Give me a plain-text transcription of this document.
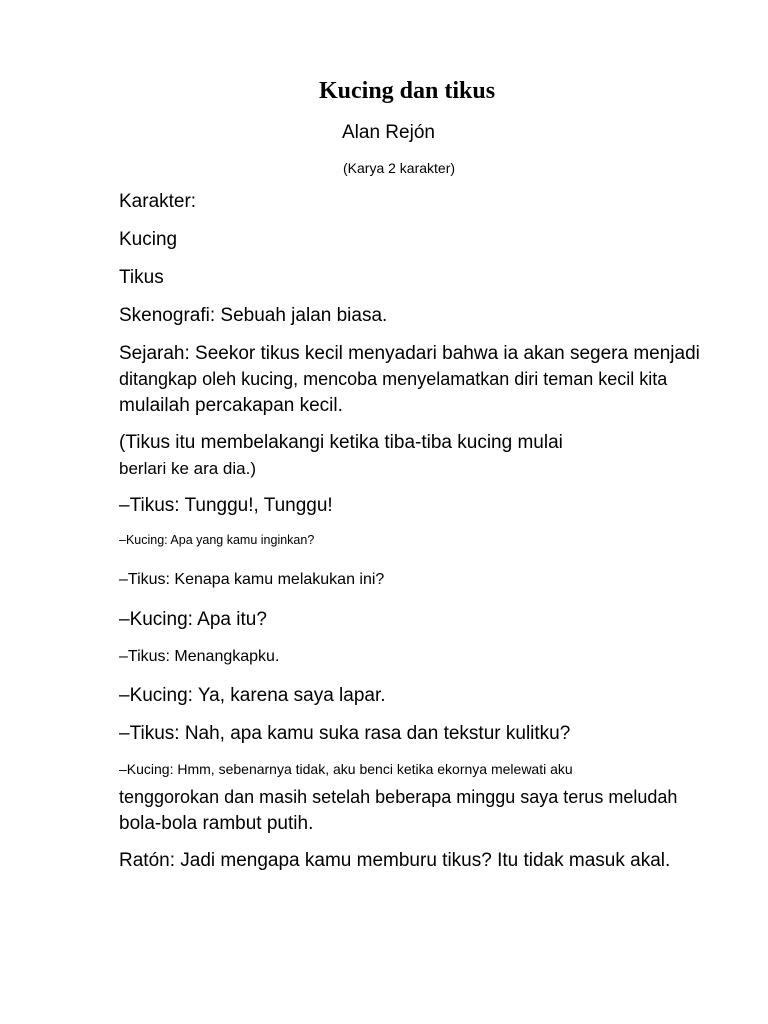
Kucing dan tikus

Alan Rejón

(Karya 2 karakter)

Karakter:

Kucing

Tikus

Skenografi: Sebuah jalan biasa.

Sejarah: Seekor tikus kecil menyadari bahwa ia akan segera menjadi

ditangkap oleh kucing, mencoba menyelamatkan diri teman kecil kita

mulailah percakapan kecil.

(Tikus itu membelakangi ketika tiba-tiba kucing mulai

berlari ke ara dia.)

–Tikus: Tunggu!, Tunggu!

–Kucing: Apa yang kamu inginkan?

–Tikus: Kenapa kamu melakukan ini?

–Kucing: Apa itu?

–Tikus: Menangkapku.

–Kucing: Ya, karena saya lapar.

–Tikus: Nah, apa kamu suka rasa dan tekstur kulitku?

–Kucing: Hmm, sebenarnya tidak, aku benci ketika ekornya melewati aku

tenggorokan dan masih setelah beberapa minggu saya terus meludah

bola-bola rambut putih.

Ratón: Jadi mengapa kamu memburu tikus? Itu tidak masuk akal.
